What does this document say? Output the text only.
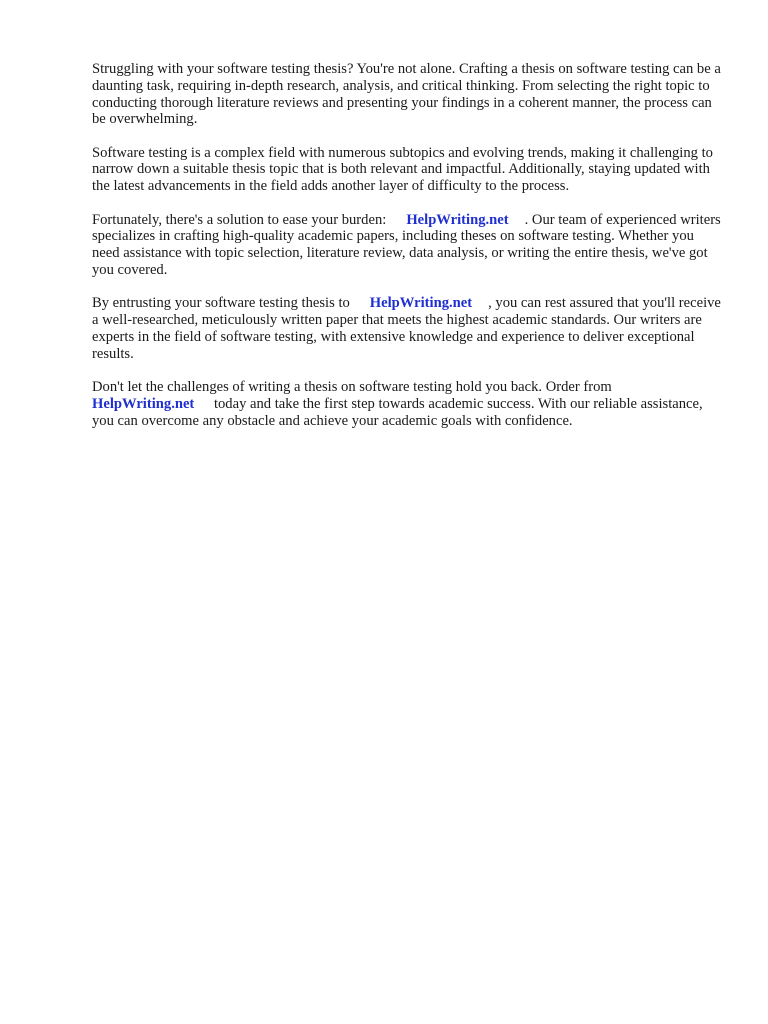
Struggling with your software testing thesis? You're not alone. Crafting a thesis on software testing can be a daunting task, requiring in-depth research, analysis, and critical thinking. From selecting the right topic to conducting thorough literature reviews and presenting your findings in a coherent manner, the process can be overwhelming.

Software testing is a complex field with numerous subtopics and evolving trends, making it challenging to narrow down a suitable thesis topic that is both relevant and impactful. Additionally, staying updated with the latest advancements in the field adds another layer of difficulty to the process.

Fortunately, there's a solution to ease your burden: HelpWriting.net . Our team of experienced writers specializes in crafting high-quality academic papers, including theses on software testing. Whether you need assistance with topic selection, literature review, data analysis, or writing the entire thesis, we've got you covered.

By entrusting your software testing thesis to HelpWriting.net , you can rest assured that you'll receive a well-researched, meticulously written paper that meets the highest academic standards. Our writers are experts in the field of software testing, with extensive knowledge and experience to deliver exceptional results.

Don't let the challenges of writing a thesis on software testing hold you back. Order from HelpWriting.net today and take the first step towards academic success. With our reliable assistance, you can overcome any obstacle and achieve your academic goals with confidence.
